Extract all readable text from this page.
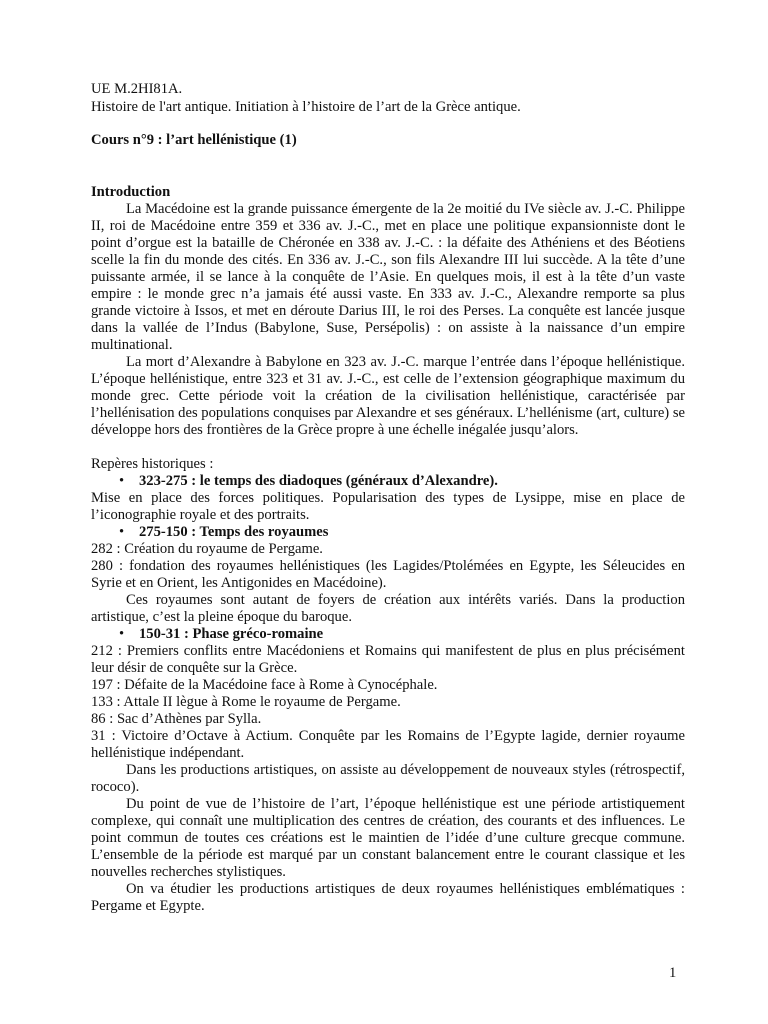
UE M.2HI81A.

Histoire de l'art antique. Initiation à l’histoire de l’art de la Grèce antique.

Cours n°9 : l’art hellénistique (1)

Introduction

La Macédoine est la grande puissance émergente de la 2e moitié du IVe siècle av. J.-C. Philippe II, roi de Macédoine entre 359 et 336 av. J.-C., met en place une politique expansionniste dont le point d’orgue est la bataille de Chéronée en 338 av. J.-C. : la défaite des Athéniens et des Béotiens scelle la fin du monde des cités. En 336 av. J.-C., son fils Alexandre III lui succède. A la tête d’une puissante armée, il se lance à la conquête de l’Asie. En quelques mois, il est à la tête d’un vaste empire : le monde grec n’a jamais été aussi vaste. En 333 av. J.-C., Alexandre remporte sa plus grande victoire à Issos, et met en déroute Darius III, le roi des Perses. La conquête est lancée jusque dans la vallée de l’Indus (Babylone, Suse, Persépolis) : on assiste à la naissance d’un empire multinational.

La mort d’Alexandre à Babylone en 323 av. J.-C. marque l’entrée dans l’époque hellénistique. L’époque hellénistique, entre 323 et 31 av. J.-C., est celle de l’extension géographique maximum du monde grec. Cette période voit la création de la civilisation hellénistique, caractérisée par l’hellénisation des populations conquises par Alexandre et ses généraux. L’hellénisme (art, culture) se développe hors des frontières de la Grèce propre à une échelle inégalée jusqu’alors.

Repères historiques :

• 323-275 : le temps des diadoques (généraux d’Alexandre).

Mise en place des forces politiques. Popularisation des types de Lysippe, mise en place de l’iconographie royale et des portraits.

• 275-150 : Temps des royaumes

282 : Création du royaume de Pergame.

280 : fondation des royaumes hellénistiques (les Lagides/Ptolémées en Egypte, les Séleucides en Syrie et en Orient, les Antigonides en Macédoine).

Ces royaumes sont autant de foyers de création aux intérêts variés. Dans la production artistique, c’est la pleine époque du baroque.

• 150-31 : Phase gréco-romaine

212 : Premiers conflits entre Macédoniens et Romains qui manifestent de plus en plus précisément leur désir de conquête sur la Grèce.

197 : Défaite de la Macédoine face à Rome à Cynocéphale.

133 : Attale II lègue à Rome le royaume de Pergame.

86 : Sac d’Athènes par Sylla.

31 : Victoire d’Octave à Actium. Conquête par les Romains de l’Egypte lagide, dernier royaume hellénistique indépendant.

Dans les productions artistiques, on assiste au développement de nouveaux styles (rétrospectif, rococo).

Du point de vue de l’histoire de l’art, l’époque hellénistique est une période artistiquement complexe, qui connaît une multiplication des centres de création, des courants et des influences. Le point commun de toutes ces créations est le maintien de l’idée d’une culture grecque commune. L’ensemble de la période est marqué par un constant balancement entre le courant classique et les nouvelles recherches stylistiques.

On va étudier les productions artistiques de deux royaumes hellénistiques emblématiques : Pergame et Egypte.

1
